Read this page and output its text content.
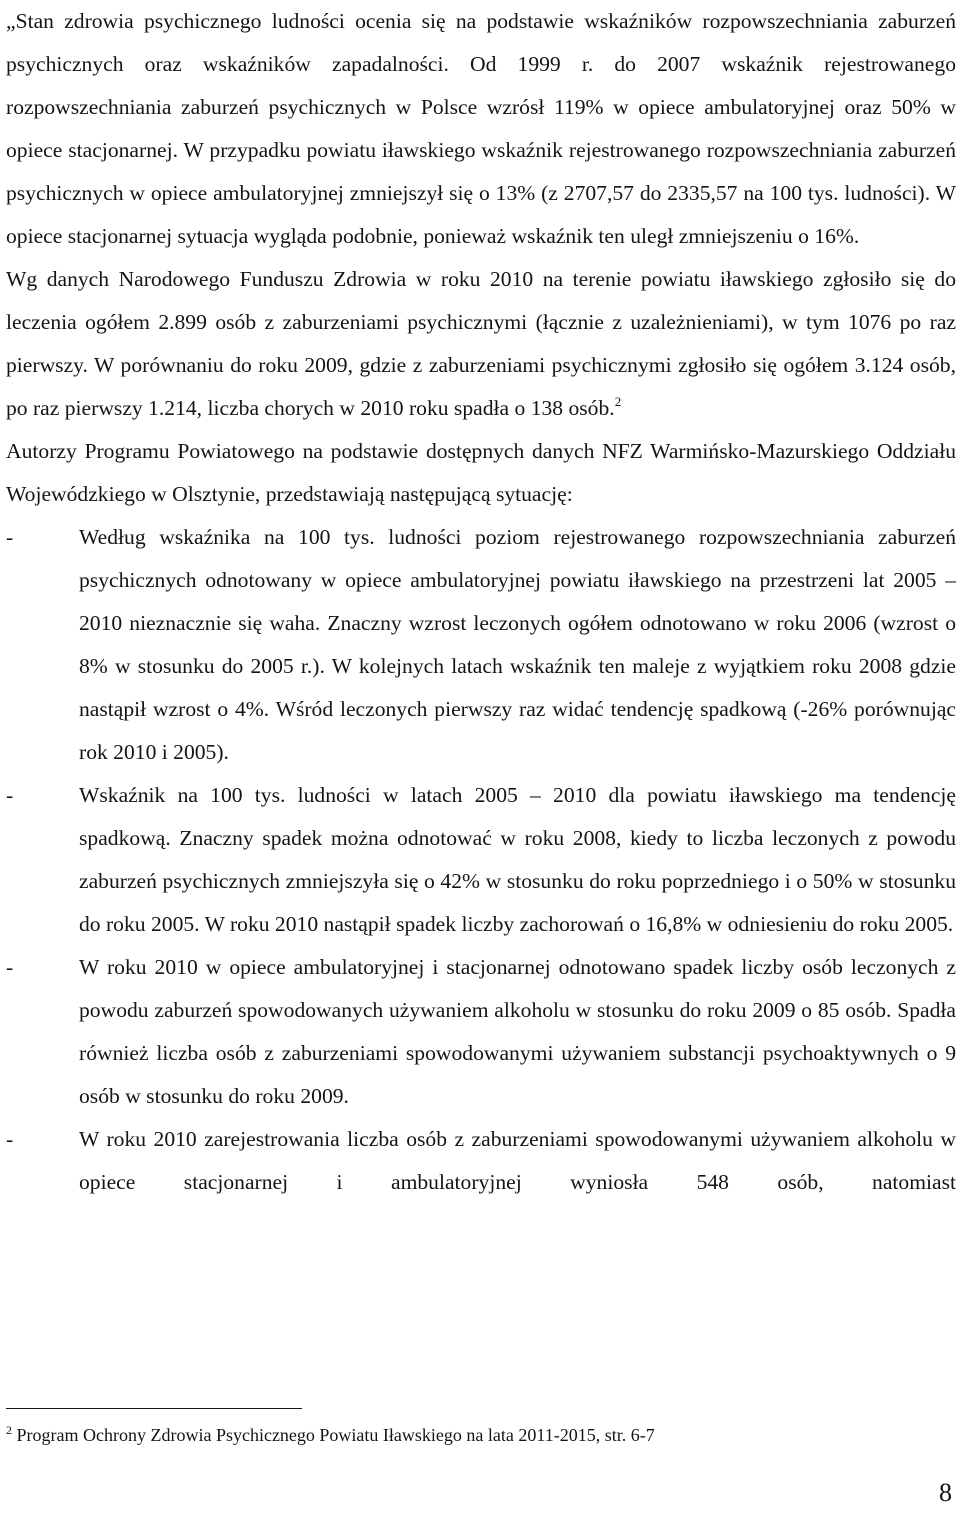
„Stan zdrowia psychicznego ludności ocenia się na podstawie wskaźników rozpowszechniania zaburzeń psychicznych oraz wskaźników zapadalności. Od 1999 r. do 2007 wskaźnik rejestrowanego rozpowszechniania zaburzeń psychicznych w Polsce wzrósł 119% w opiece ambulatoryjnej oraz 50% w opiece stacjonarnej. W przypadku powiatu iławskiego wskaźnik rejestrowanego rozpowszechniania zaburzeń psychicznych w opiece ambulatoryjnej zmniejszył się o 13% (z 2707,57 do 2335,57 na 100 tys. ludności). W opiece stacjonarnej sytuacja wygląda podobnie, ponieważ wskaźnik ten uległ zmniejszeniu o 16%.

Wg danych Narodowego Funduszu Zdrowia w roku 2010 na terenie powiatu iławskiego zgłosiło się do leczenia ogółem 2.899 osób z zaburzeniami psychicznymi (łącznie z uzależnieniami), w tym 1076 po raz pierwszy. W porównaniu do roku 2009, gdzie z zaburzeniami psychicznymi zgłosiło się ogółem 3.124 osób, po raz pierwszy 1.214, liczba chorych w 2010 roku spadła o 138 osób.$^2$

Autorzy Programu Powiatowego na podstawie dostępnych danych NFZ Warmińsko-Mazurskiego Oddziału Wojewódzkiego w Olsztynie, przedstawiają następującą sytuację:

-	Według wskaźnika na 100 tys. ludności poziom rejestrowanego rozpowszechniania zaburzeń psychicznych odnotowany w opiece ambulatoryjnej powiatu iławskiego na przestrzeni lat 2005 – 2010 nieznacznie się waha. Znaczny wzrost leczonych ogółem odnotowano w roku 2006 (wzrost o 8% w stosunku do 2005 r.). W kolejnych latach wskaźnik ten maleje z wyjątkiem roku 2008 gdzie nastąpił wzrost o 4%. Wśród leczonych pierwszy raz widać tendencję spadkową (-26% porównując rok 2010 i 2005).
-	Wskaźnik na 100 tys. ludności w latach 2005 – 2010 dla powiatu iławskiego ma tendencję spadkową. Znaczny spadek można odnotować w roku 2008, kiedy to liczba leczonych z powodu zaburzeń psychicznych zmniejszyła się o 42% w stosunku do roku poprzedniego i o 50% w stosunku do roku 2005. W roku 2010 nastąpił spadek liczby zachorowań o 16,8% w odniesieniu do roku 2005.
-	W roku 2010 w opiece ambulatoryjnej i stacjonarnej odnotowano spadek liczby osób leczonych z powodu zaburzeń spowodowanych używaniem alkoholu w stosunku do roku 2009 o 85 osób. Spadła również liczba osób z zaburzeniami spowodowanymi używaniem substancji psychoaktywnych o 9 osób w stosunku do roku 2009.
-	W roku 2010 zarejestrowania liczba osób z zaburzeniami spowodowanymi używaniem alkoholu w opiece stacjonarnej i ambulatoryjnej wyniosła 548 osób, natomiast
$^2$ Program Ochrony Zdrowia Psychicznego Powiatu Iławskiego na lata 2011-2015, str. 6-7
8
